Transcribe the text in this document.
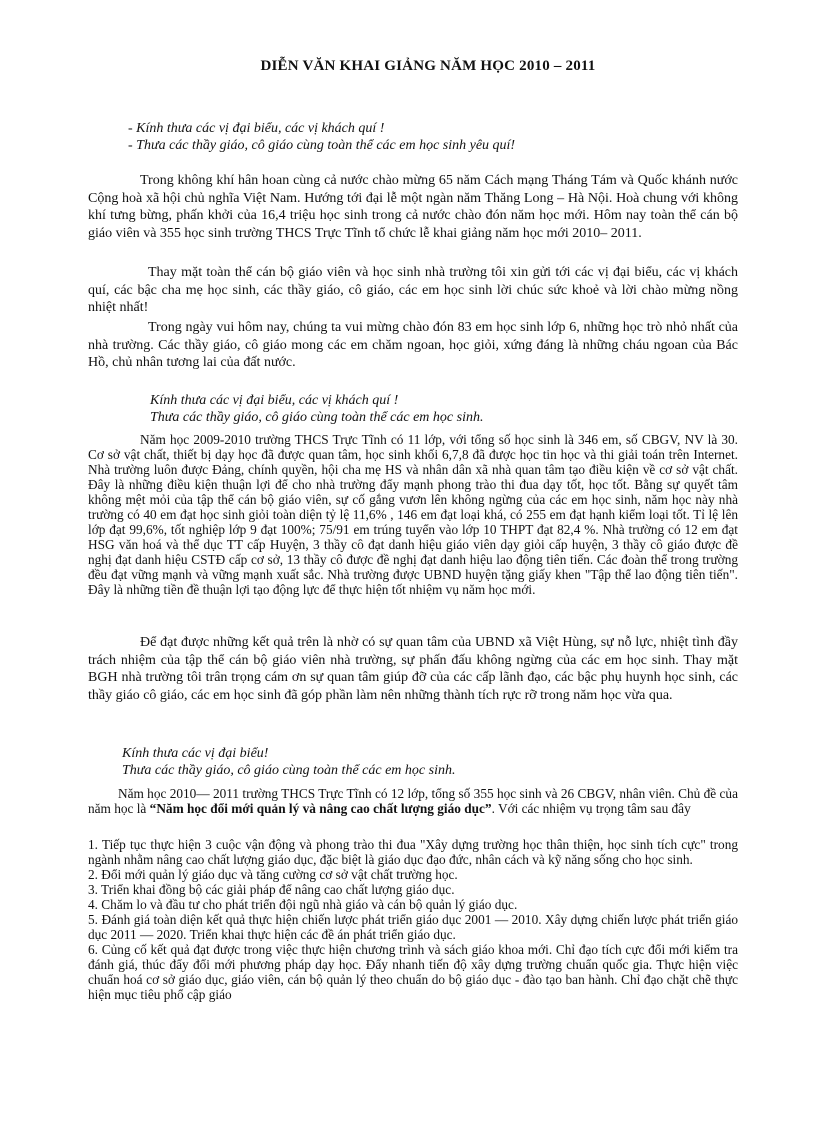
DIỄN VĂN KHAI GIẢNG NĂM HỌC 2010 – 2011
- Kính thưa các vị đại biểu, các vị khách quí !
- Thưa các thầy giáo, cô giáo cùng toàn thể các em học sinh yêu quí!
Trong không khí hân hoan cùng cả nước chào mừng 65 năm Cách mạng Tháng Tám và Quốc khánh nước Cộng hoà xã hội chủ nghĩa Việt Nam. Hướng tới đại lễ một ngàn năm Thăng Long – Hà Nội. Hoà chung với không khí tưng bừng, phấn khởi của 16,4 triệu học sinh trong cả nước chào đón năm học mới. Hôm nay toàn thể cán bộ giáo viên và 355 học sinh trường THCS Trực Tĩnh tổ chức lễ khai giảng năm học mới 2010– 2011.
Thay mặt toàn thể cán bộ giáo viên và học sinh nhà trường tôi xin gửi tới các vị đại biểu, các vị khách quí, các bậc cha mẹ học sinh, các thầy giáo, cô giáo, các em học sinh lời chúc sức khoẻ và lời chào mừng nồng nhiệt nhất!
Trong ngày vui hôm nay, chúng ta vui mừng chào đón 83 em học sinh lớp 6, những học trò nhỏ nhất của nhà trường. Các thầy giáo, cô giáo mong các em chăm ngoan, học giỏi, xứng đáng là những cháu ngoan của Bác Hồ, chủ nhân tương lai của đất nước.
Kính thưa các vị đại biểu, các vị khách quí !
Thưa các thầy giáo, cô giáo cùng toàn thể các em học sinh.
Năm học 2009-2010 trường THCS Trực Tĩnh có 11 lớp, với tổng số học sinh là 346 em, số CBGV, NV là 30. Cơ sở vật chất, thiết bị dạy học đã được quan tâm, học sinh khối 6,7,8 đã được học tin học và thi giải toán trên Internet. Nhà trường luôn được Đảng, chính quyền, hội cha mẹ HS và nhân dân xã nhà quan tâm tạo điều kiện về cơ sở vật chất. Đây là những điều kiện thuận lợi để cho nhà trường đẩy mạnh phong trào thi đua dạy tốt, học tốt. Bằng sự quyết tâm không mệt mỏi của tập thể cán bộ giáo viên, sự cố gắng vươn lên không ngừng của các em học sinh, năm học này nhà trường có 40 em đạt học sinh giỏi toàn diện tỷ lệ 11,6% , 146 em đạt loại khá, có 255 em đạt hạnh kiểm loại tốt. Tỉ lệ lên lớp đạt 99,6%, tốt nghiệp lớp 9 đạt 100%; 75/91 em trúng tuyển vào lớp 10 THPT đạt 82,4 %. Nhà trường có 12 em đạt HSG văn hoá và thể dục TT cấp Huyện, 3 thầy cô đạt danh hiệu giáo viên dạy giỏi cấp huyện, 3 thầy cô giáo được đề nghị đạt danh hiệu CSTĐ cấp cơ sở, 13 thầy cô được đề nghị đạt danh hiệu lao động tiên tiến. Các đoàn thể trong trường đều đạt vững mạnh và vững mạnh xuất sắc. Nhà trường được UBND huyện tặng giấy khen "Tập thể lao động tiên tiến". Đây là những tiền đề thuận lợi tạo động lực để thực hiện tốt nhiệm vụ năm học mới.
Để đạt được những kết quả trên là nhờ có sự quan tâm của UBND xã Việt Hùng, sự nỗ lực, nhiệt tình đầy trách nhiệm của tập thể cán bộ giáo viên nhà trường, sự phấn đấu không ngừng của các em học sinh. Thay mặt BGH nhà trường tôi trân trọng cám ơn sự quan tâm giúp đỡ của các cấp lãnh đạo, các bậc phụ huynh học sinh, các thầy giáo cô giáo, các em học sinh đã góp phần làm nên những thành tích rực rỡ trong năm học vừa qua.
Kính thưa các vị đại biểu!
Thưa các thầy giáo, cô giáo cùng toàn thể các em học sinh.
Năm học 2010— 2011 trường THCS Trực Tĩnh có 12 lớp, tổng số 355 học sinh và 26 CBGV, nhân viên. Chủ đề của năm học là “Năm học đổi mới quản lý và nâng cao chất lượng giáo dục”. Với các nhiệm vụ trọng tâm sau đây
1. Tiếp tục thực hiện 3 cuộc vận động và phong trào thi đua "Xây dựng trường học thân thiện, học sinh tích cực" trong ngành nhằm nâng cao chất lượng giáo dục, đặc biệt là giáo dục đạo đức, nhân cách và kỹ năng sống cho học sinh.
2. Đổi mới quản lý giáo dục và tăng cường cơ sở vật chất trường học.
3. Triển khai đồng bộ các giải pháp để nâng cao chất lượng giáo dục.
4. Chăm lo và đầu tư cho phát triển đội ngũ nhà giáo và cán bộ quản lý giáo dục.
5. Đánh giá toàn diện kết quả thực hiện chiến lược phát triển giáo dục 2001 — 2010. Xây dựng chiến lược phát triển giáo dục 2011 — 2020. Triển khai thực hiện các đề án phát triển giáo dục.
6. Củng cố kết quả đạt được trong việc thực hiện chương trình và sách giáo khoa mới. Chỉ đạo tích cực đổi mới kiểm tra đánh giá, thúc đẩy đổi mới phương pháp dạy học. Đẩy nhanh tiến độ xây dựng trường chuẩn quốc gia. Thực hiện việc chuẩn hoá cơ sở giáo dục, giáo viên, cán bộ quản lý theo chuẩn do bộ giáo dục - đào tạo ban hành. Chỉ đạo chặt chẽ thực hiện mục tiêu phổ cập giáo
